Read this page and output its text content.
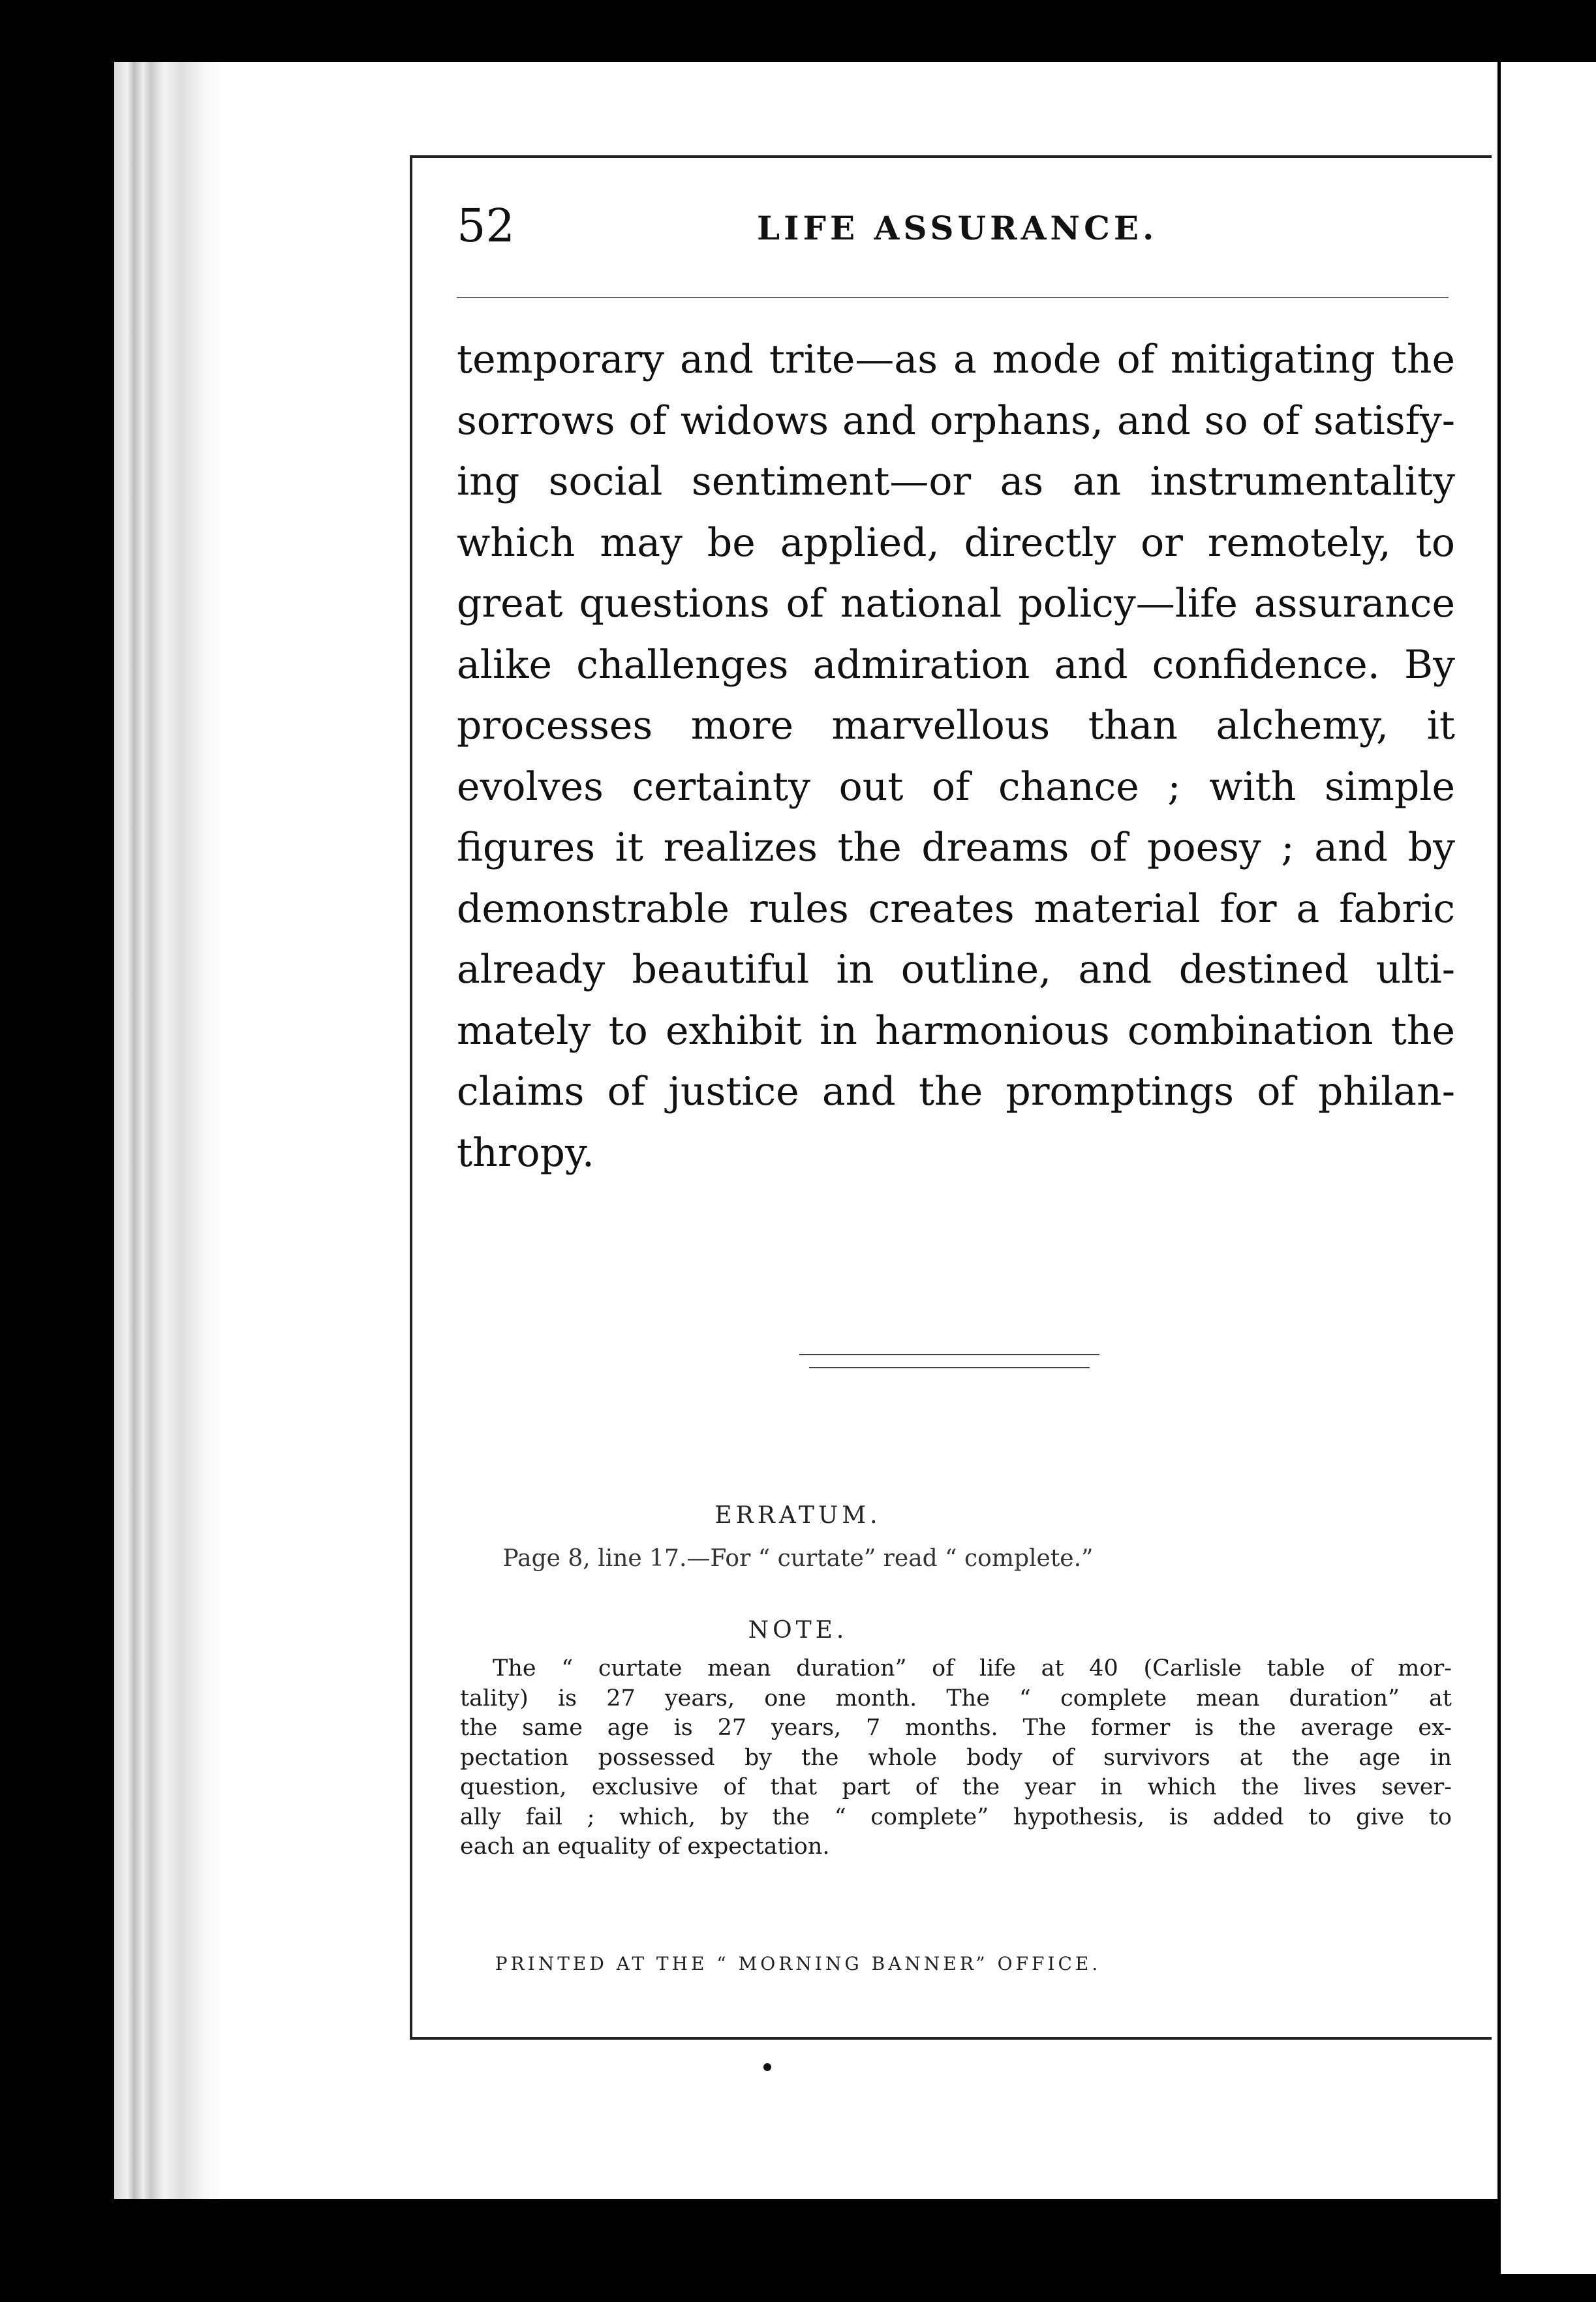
52	LIFE ASSURANCE.
temporary and trite—as a mode of mitigating the
sorrows of widows and orphans, and so of satisfy-
ing social sentiment—or as an instrumentality
which may be applied, directly or remotely, to
great questions of national policy—life assurance
alike challenges admiration and confidence. By
processes more marvellous than alchemy, it
evolves certainty out of chance ; with simple
figures it realizes the dreams of poesy ; and by
demonstrable rules creates material for a fabric
already beautiful in outline, and destined ulti-
mately to exhibit in harmonious combination the
claims of justice and the promptings of philan-
thropy.
ERRATUM.
Page 8, line 17.—For “ curtate” read “ complete.”
NOTE.
The “ curtate mean duration” of life at 40 (Carlisle table of mor-
tality) is 27 years, one month. The “ complete mean duration” at
the same age is 27 years, 7 months. The former is the average ex-
pectation possessed by the whole body of survivors at the age in
question, exclusive of that part of the year in which the lives sever-
ally fail ; which, by the “ complete” hypothesis, is added to give to
each an equality of expectation.
PRINTED AT THE “ MORNING BANNER” OFFICE.
